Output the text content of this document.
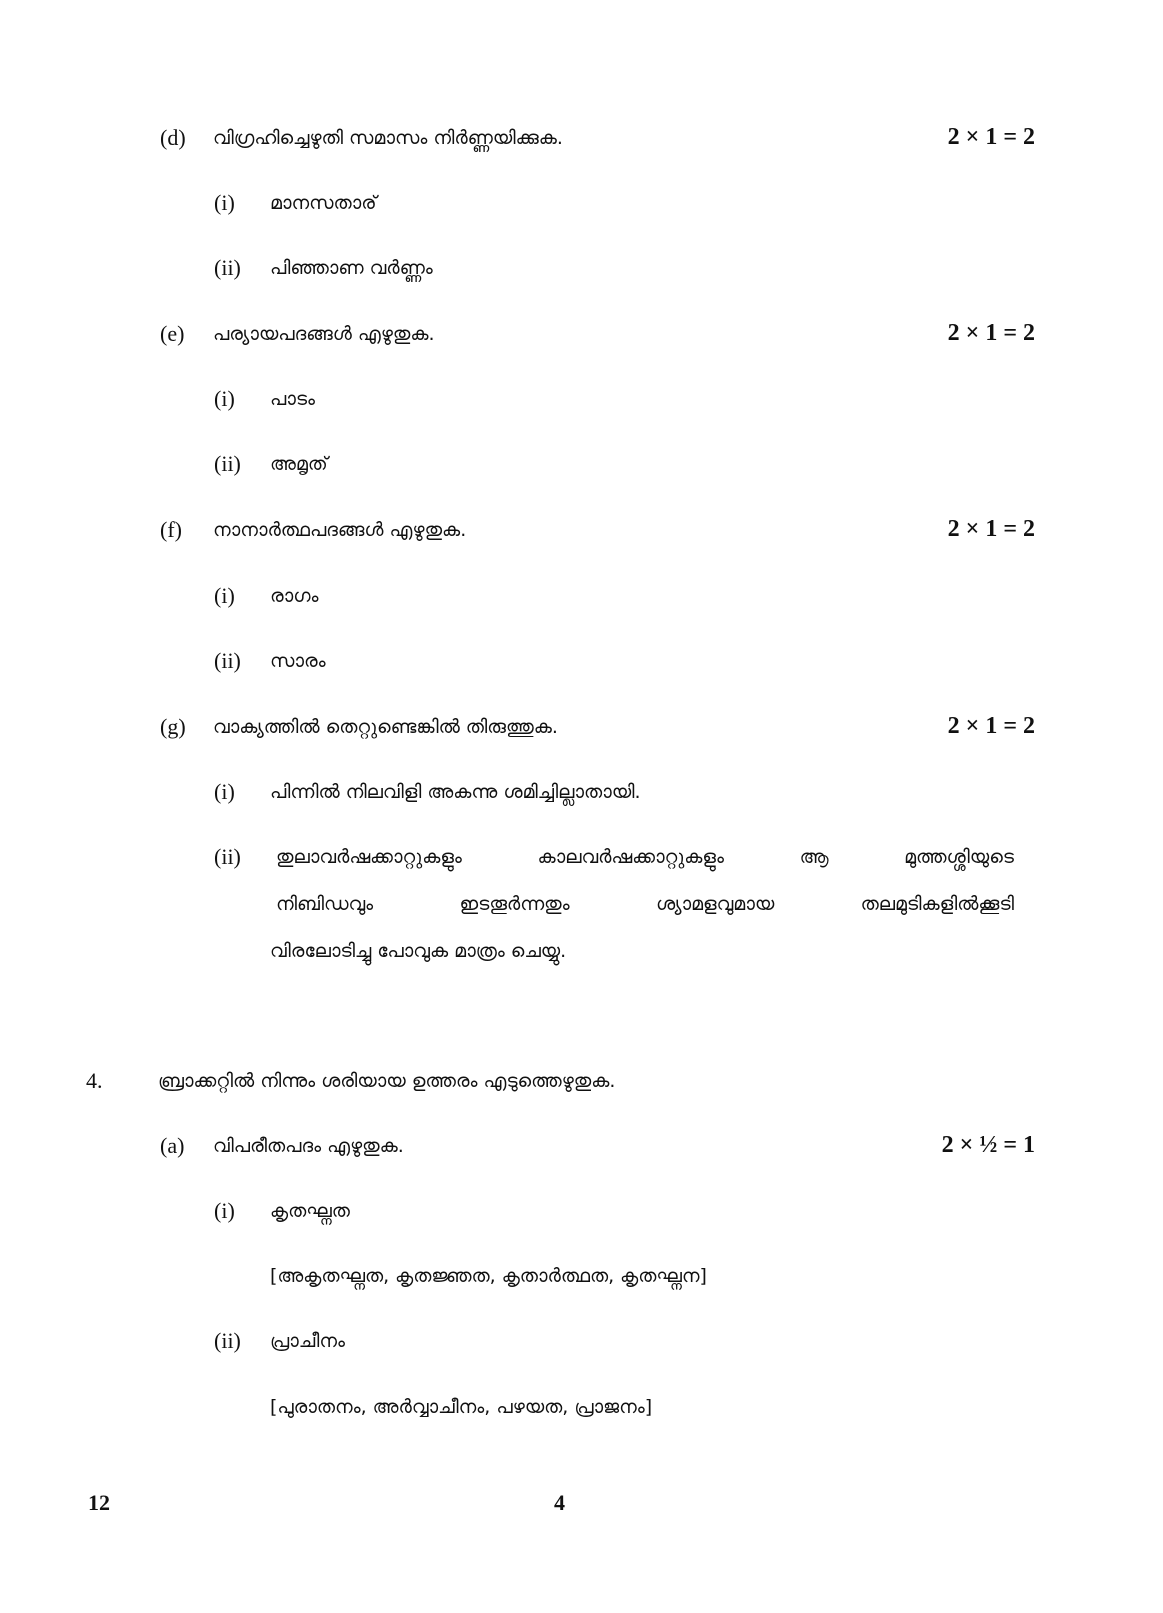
(d) വിഗ്രഹിച്ചെഴുതി സമാസം നിർണ്ണയിക്കുക.	2 × 1 = 2
(i) മാനസതാര്
(ii) പിഞ്ഞാണ വർണ്ണം
(e) പര്യായപദങ്ങൾ എഴുതുക.	2 × 1 = 2
(i) പാടം
(ii) അമൃത്
(f) നാനാർത്ഥപദങ്ങൾ എഴുതുക.	2 × 1 = 2
(i) രാഗം
(ii) സാരം
(g) വാക്യത്തിൽ തെറ്റുണ്ടെങ്കിൽ തിരുത്തുക.	2 × 1 = 2
(i) പിന്നിൽ നിലവിളി അകന്നു ശമിച്ചില്ലാതായി.
(ii) തുലാവർഷക്കാറ്റുകളും	കാലവർഷക്കാറ്റുകളും	ആ	മുത്തശ്ശിയുടെ
നിബിഡവും	ഇടതൂർന്നതും	ശ്യാമളവുമായ	തലമുടികളിൽക്കൂടി
വിരലോടിച്ചു പോവുക മാത്രം ചെയ്യു.
4.	ബ്രാക്കറ്റിൽ നിന്നും ശരിയായ ഉത്തരം എടുത്തെഴുതുക.
(a) വിപരീതപദം എഴുതുക.	2 × ½ = 1
(i) കൃതഘ്നത
[അകൃതഘ്നത, കൃതജ്ഞത, കൃതാർത്ഥത, കൃതഘ്നന]
(ii) പ്രാചീനം
[പുരാതനം, അർവ്വാചീനം, പഴയത, പ്രാജനം]
12	4
